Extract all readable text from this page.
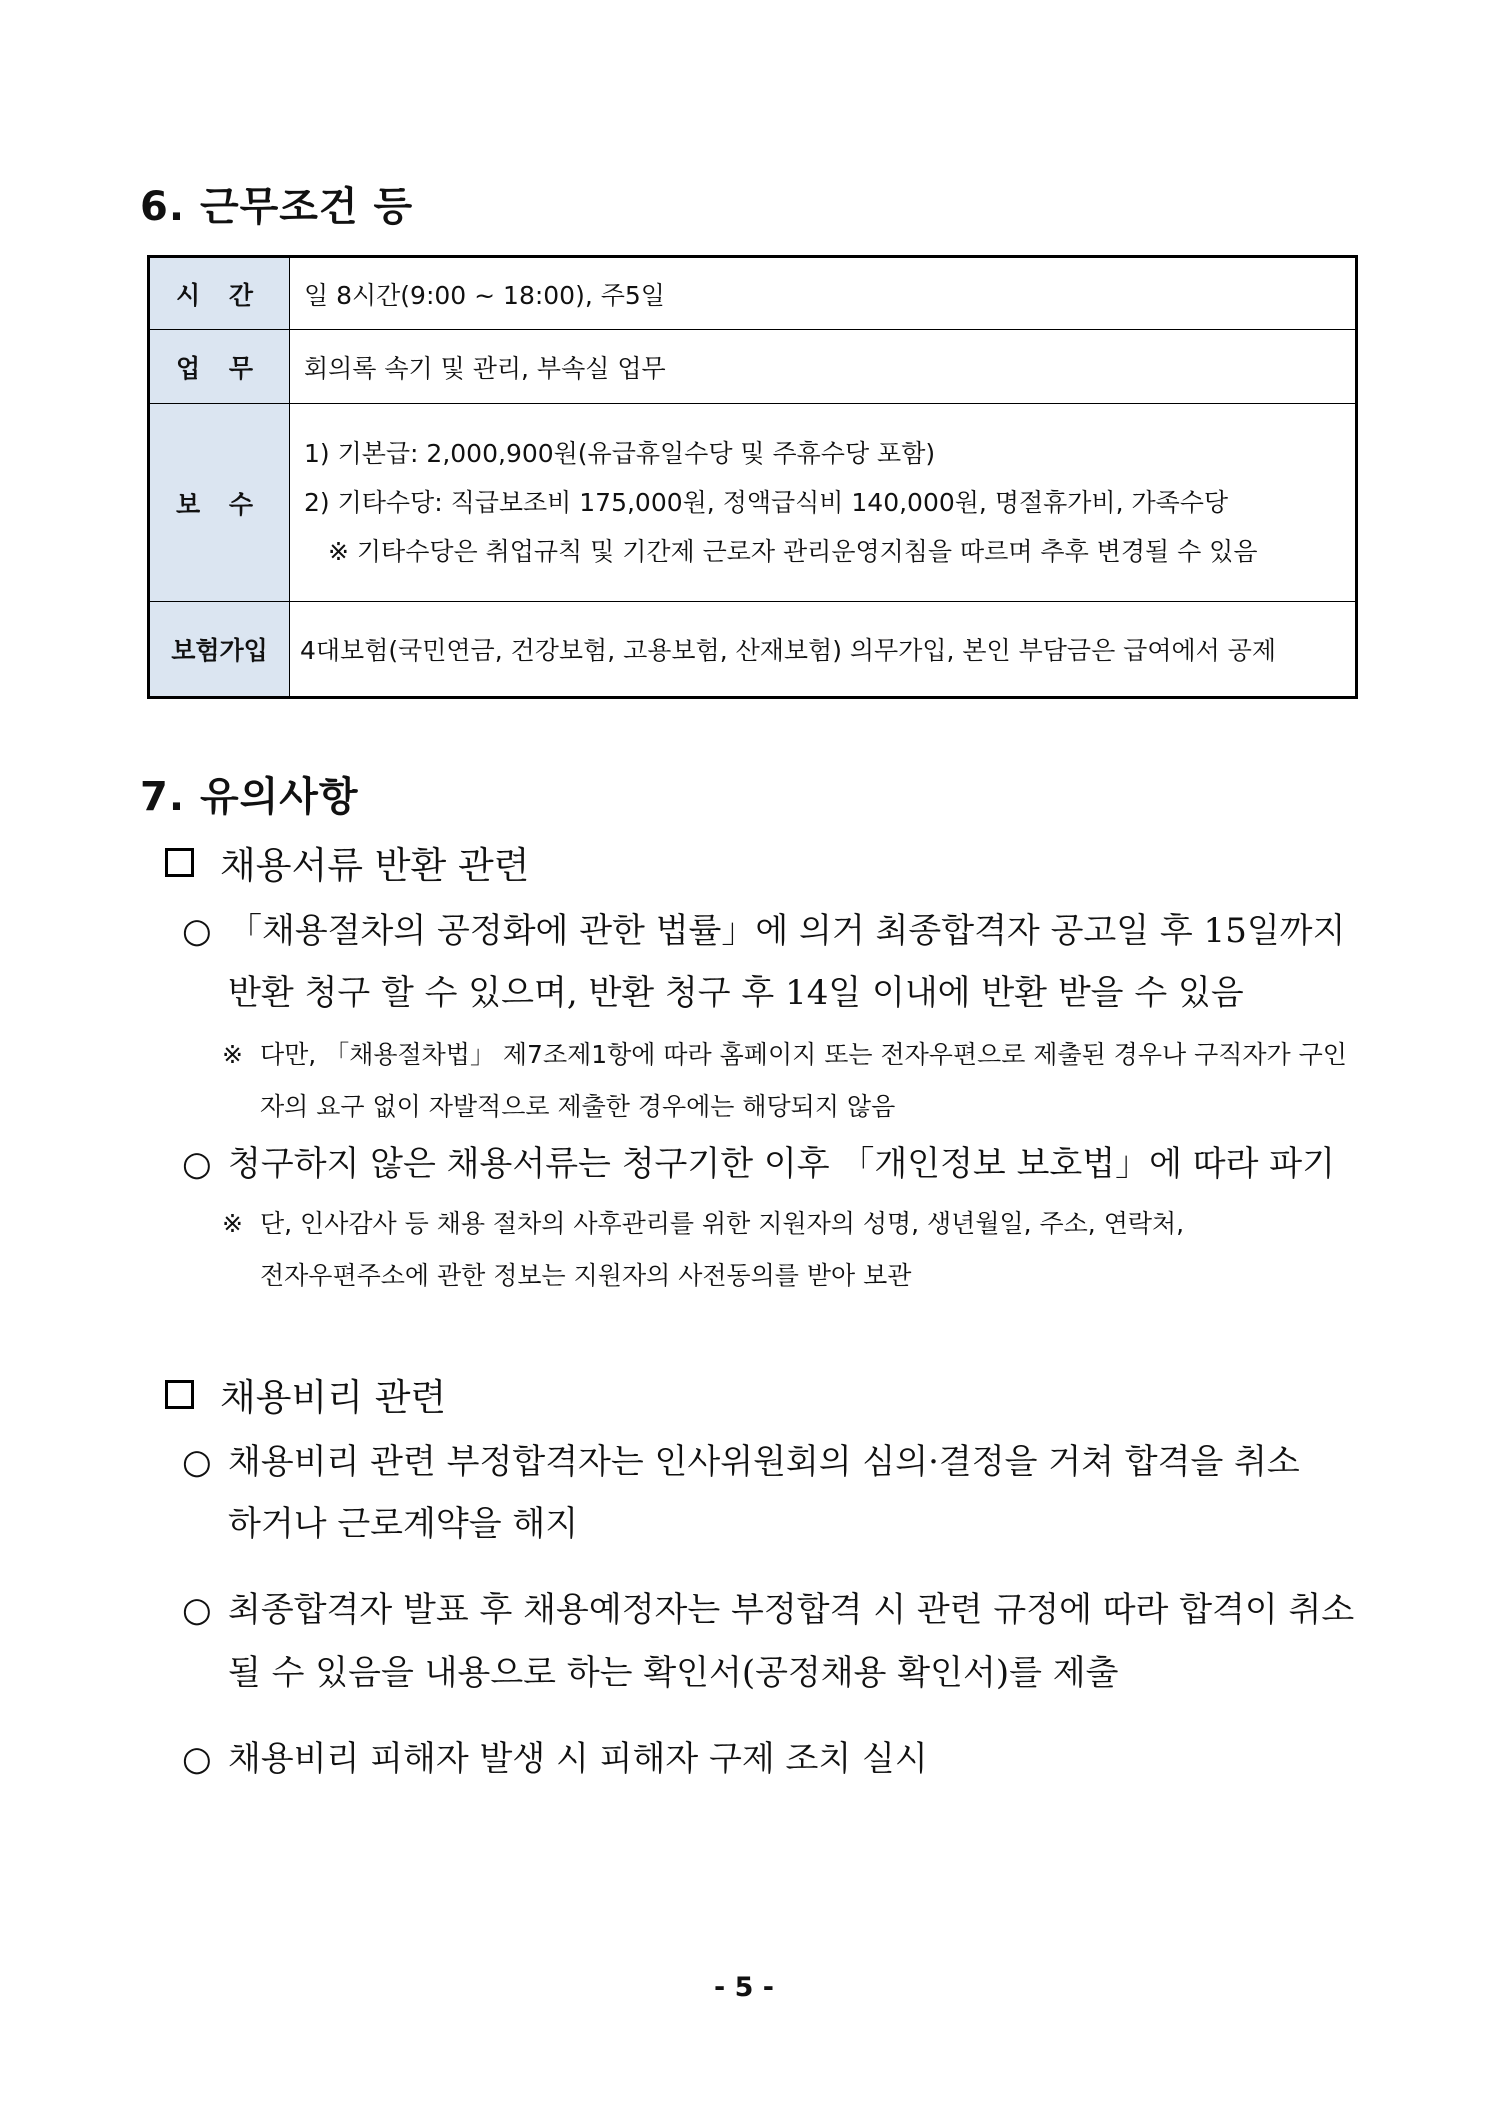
6. 근무조건 등
시 간	일 8시간(9:00 ~ 18:00), 주5일

업 무	회의록 속기 및 관리, 부속실 업무

보 수	1) 기본급: 2,000,900원(유급휴일수당 및 주휴수당 포함)
2) 기타수당: 직급보조비 175,000원, 정액급식비 140,000원, 명절휴가비, 가족수당
※ 기타수당은 취업규칙 및 기간제 근로자 관리운영지침을 따르며 추후 변경될 수 있음

보험가입	4대보험(국민연금, 건강보험, 고용보험, 산재보험) 의무가입, 본인 부담금은 급여에서 공제
7. 유의사항
채용서류 반환 관련
○ 「채용절차의 공정화에 관한 법률」에 의거 최종합격자 공고일 후 15일까지
반환 청구 할 수 있으며, 반환 청구 후 14일 이내에 반환 받을 수 있음
※ 다만, 「채용절차법」 제7조제1항에 따라 홈페이지 또는 전자우편으로 제출된 경우나 구직자가 구인
자의 요구 없이 자발적으로 제출한 경우에는 해당되지 않음
○ 청구하지 않은 채용서류는 청구기한 이후 「개인정보 보호법」에 따라 파기
※ 단, 인사감사 등 채용 절차의 사후관리를 위한 지원자의 성명, 생년월일, 주소, 연락처,
전자우편주소에 관한 정보는 지원자의 사전동의를 받아 보관
채용비리 관련
○ 채용비리 관련 부정합격자는 인사위원회의 심의·결정을 거쳐 합격을 취소
하거나 근로계약을 해지
○ 최종합격자 발표 후 채용예정자는 부정합격 시 관련 규정에 따라 합격이 취소
될 수 있음을 내용으로 하는 확인서(공정채용 확인서)를 제출
○ 채용비리 피해자 발생 시 피해자 구제 조치 실시
- 5 -
